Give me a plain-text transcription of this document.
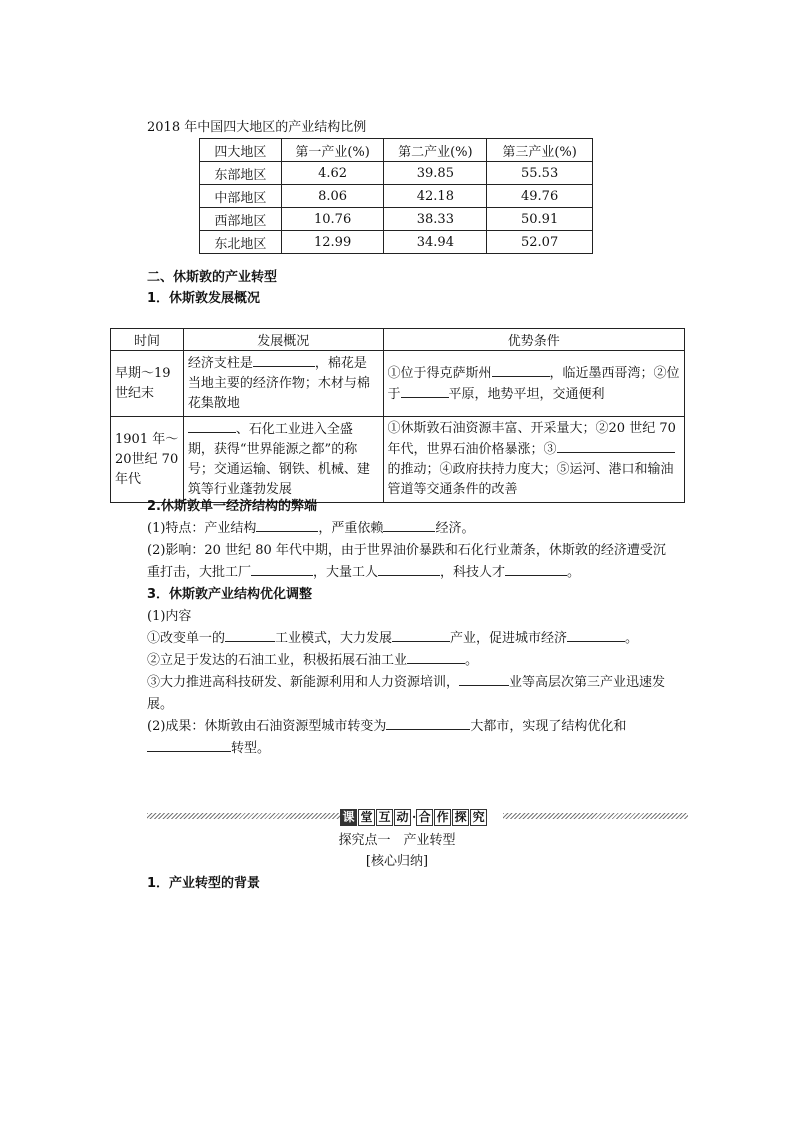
2018 年中国四大地区的产业结构比例
四大地区	第一产业(%)	第二产业(%)	第三产业(%)
东部地区	4.62	39.85	55.53
中部地区	8.06	42.18	49.76
西部地区	10.76	38.33	50.91
东北地区	12.99	34.94	52.07
二、休斯敦的产业转型
1．休斯敦发展概况
时间	发展概况	优势条件
早期～19世纪末	经济支柱是 ，棉花是当地主要的经济作物；木材与棉花集散地	①位于得克萨斯州 ，临近墨西哥湾；②位于 平原，地势平坦，交通便利
1901 年～20世纪 70年代	、石化工业进入全盛期，获得“世界能源之都”的称号；交通运输、钢铁、机械、建筑等行业蓬勃发展	①休斯敦石油资源丰富、开采量大；②20 世纪 70年代，世界石油价格暴涨；③的推动；④政府扶持力度大；⑤运河、港口和输油管道等交通条件的改善
2.休斯敦单一经济结构的弊端
(1)特点：产业结构	，严重依赖	经济。
(2)影响：20 世纪 80 年代中期，由于世界油价暴跌和石化行业萧条，休斯敦的经济遭受沉重打击，大批工厂	，大量工人	，科技人才	。
3．休斯敦产业结构优化调整
(1)内容
①改变单一的	工业模式，大力发展	产业，促进城市经济	。
②立足于发达的石油工业，积极拓展石油工业	。
③大力推进高科技研发、新能源利用和人力资源培训，	业等高层次第三产业迅速发展。
(2)成果：休斯敦由石油资源型城市转变为	大都市，实现了结构优化和
转型。
课 堂 互 动 · 合 作 探 究
探究点一　产业转型
[核心归纳]
1．产业转型的背景
